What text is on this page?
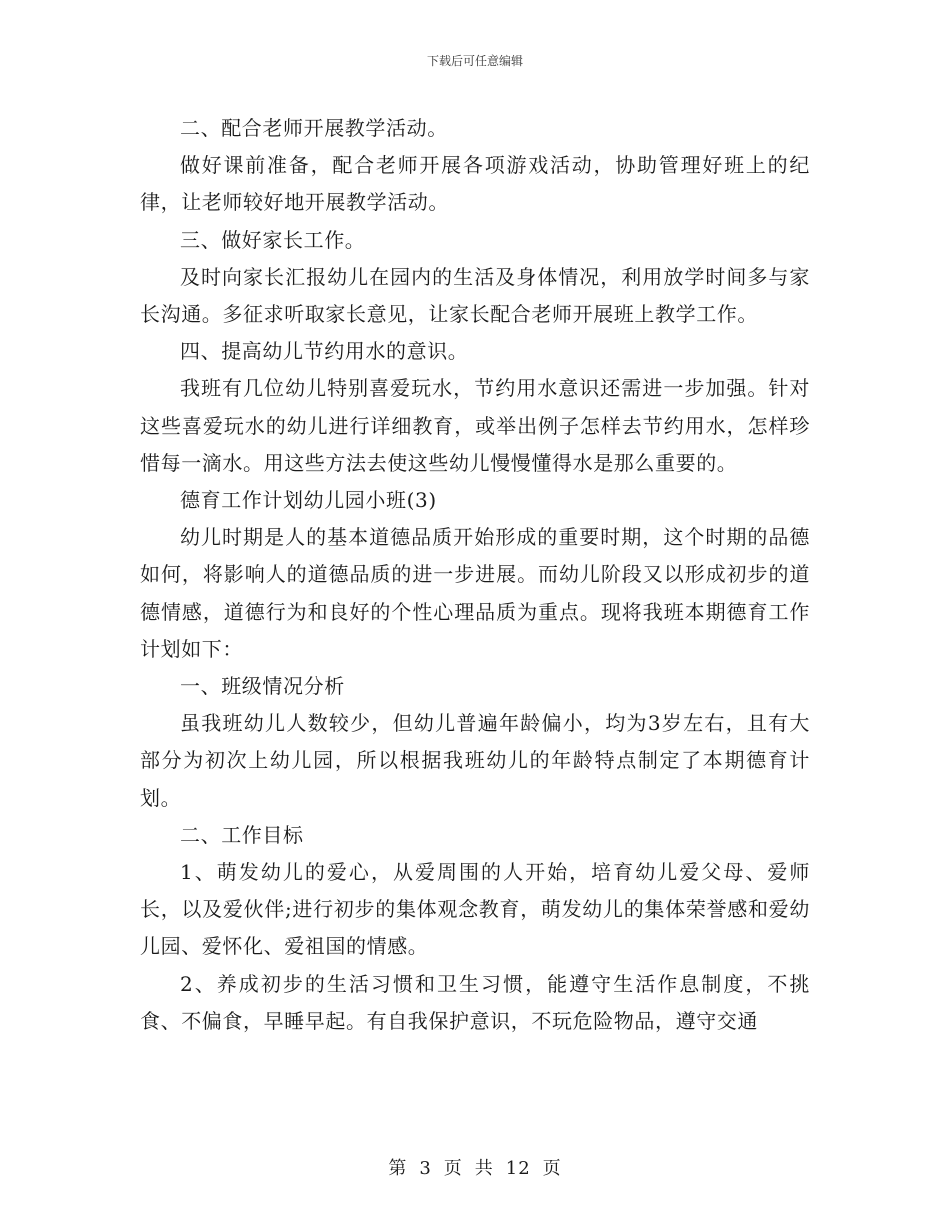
下载后可任意编辑

二、配合老师开展教学活动。

做好课前准备，配合老师开展各项游戏活动，协助管理好班上的纪律，让老师较好地开展教学活动。

三、做好家长工作。

及时向家长汇报幼儿在园内的生活及身体情况，利用放学时间多与家长沟通。多征求听取家长意见，让家长配合老师开展班上教学工作。

四、提高幼儿节约用水的意识。

我班有几位幼儿特别喜爱玩水，节约用水意识还需进一步加强。针对这些喜爱玩水的幼儿进行详细教育，或举出例子怎样去节约用水，怎样珍惜每一滴水。用这些方法去使这些幼儿慢慢懂得水是那么重要的。

德育工作计划幼儿园小班(3)

幼儿时期是人的基本道德品质开始形成的重要时期，这个时期的品德如何，将影响人的道德品质的进一步进展。而幼儿阶段又以形成初步的道德情感，道德行为和良好的个性心理品质为重点。现将我班本期德育工作计划如下：

一、班级情况分析

虽我班幼儿人数较少，但幼儿普遍年龄偏小，均为3岁左右，且有大部分为初次上幼儿园，所以根据我班幼儿的年龄特点制定了本期德育计划。

二、工作目标

1、萌发幼儿的爱心，从爱周围的人开始，培育幼儿爱父母、爱师长，以及爱伙伴;进行初步的集体观念教育，萌发幼儿的集体荣誉感和爱幼儿园、爱怀化、爱祖国的情感。

2、养成初步的生活习惯和卫生习惯，能遵守生活作息制度，不挑食、不偏食，早睡早起。有自我保护意识，不玩危险物品，遵守交通

第 3 页 共 12 页
